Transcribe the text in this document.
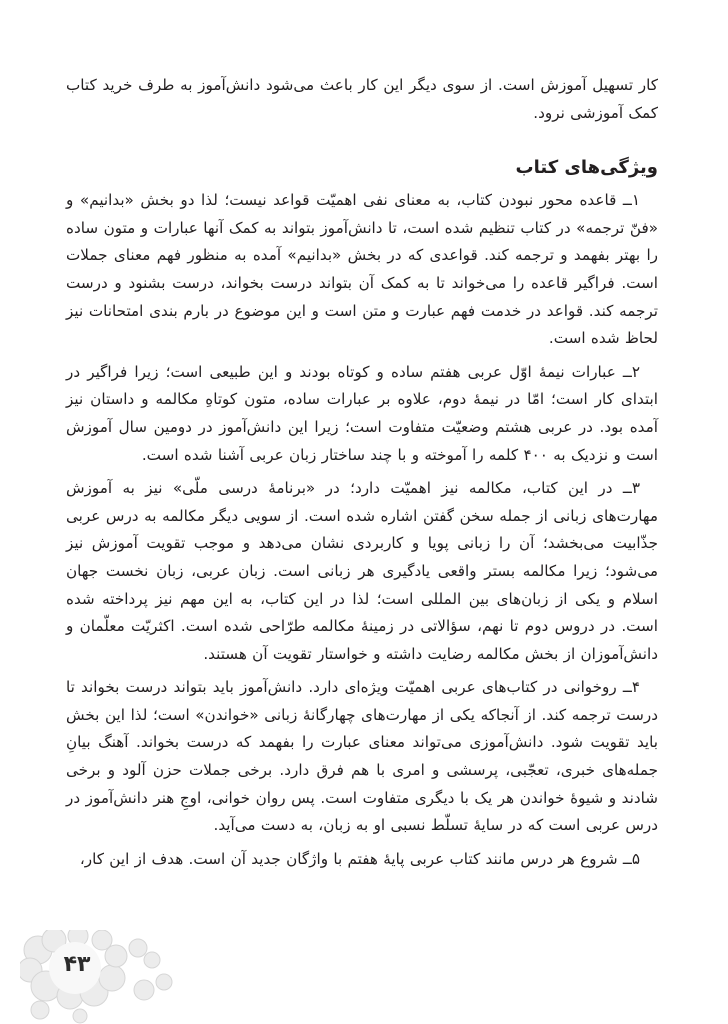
کار تسهیل آموزش است. از سوی دیگر این کار باعث می‌شود دانش‌آموز به طرف خرید کتاب کمک آموزشی نرود.

ویژگی‌های کتاب

۱ــ قاعده محور نبودن کتاب، به معنای نفی اهمیّت قواعد نیست؛ لذا دو بخش «بدانیم» و «فنّ ترجمه» در کتاب تنظیم شده است، تا دانش‌آموز بتواند به کمک آنها عبارات و متون ساده را بهتر بفهمد و ترجمه کند. قواعدی که در بخش «بدانیم» آمده به منظور فهم معنای جملات است. فراگیر قاعده را می‌خواند تا به کمک آن بتواند درست بخواند، درست بشنود و درست ترجمه کند. قواعد در خدمت فهم عبارت و متن است و این موضوع در بارم بندی امتحانات نیز لحاظ شده است.

۲ــ عبارات نیمهٔ اوّل عربی هفتم ساده و کوتاه بودند و این طبیعی است؛ زیرا فراگیر در ابتدای کار است؛ امّا در نیمهٔ دوم، علاوه بر عبارات ساده، متون کوتاهِ مکالمه و داستان نیز آمده بود. در عربی هشتم وضعیّت متفاوت است؛ زیرا این دانش‌آموز در دومین سال آموزش است و نزدیک به ۴۰۰ کلمه را آموخته و با چند ساختار زبان عربی آشنا شده است.

۳ــ در این کتاب، مکالمه نیز اهمیّت دارد؛ در «برنامهٔ درسی ملّی» نیز به آموزش مهارت‌های زبانی از جمله سخن گفتن اشاره شده است. از سویی دیگر مکالمه به درس عربی جذّابیت می‌بخشد؛ آن را زبانی پویا و کاربردی نشان می‌دهد و موجب تقویت آموزش نیز می‌شود؛ زیرا مکالمه بستر واقعی یادگیری هر زبانی است. زبان عربی، زبان نخست جهان اسلام و یکی از زبان‌های بین المللی است؛ لذا در این کتاب، به این مهم نیز پرداخته شده است. در دروس دوم تا نهم، سؤالاتی در زمینهٔ مکالمه طرّاحی شده است. اکثریّت معلّمان و دانش‌آموزان از بخش مکالمه رضایت داشته و خواستار تقویت آن هستند.

۴ــ روخوانی در کتاب‌های عربی اهمیّت ویژه‌ای دارد. دانش‌آموز باید بتواند درست بخواند تا درست ترجمه کند. از آنجاکه یکی از مهارت‌های چهارگانهٔ زبانی «خواندن» است؛ لذا این بخش باید تقویت شود. دانش‌آموزی می‌تواند معنای عبارت را بفهمد که درست بخواند. آهنگ بیانِ جمله‌های خبری، تعجّبی، پرسشی و امری با هم فرق دارد. برخی جملات حزن آلود و برخی شادند و شیوهٔ خواندن هر یک با دیگری متفاوت است. پس روان خوانی، اوجِ هنر دانش‌آموز در درس عربی است که در سایهٔ تسلّط نسبی او به زبان، به دست می‌آید.

۵ــ شروع هر درس مانند کتاب عربی پایهٔ هفتم با واژگان جدید آن است. هدف از این کار،

۴۳
